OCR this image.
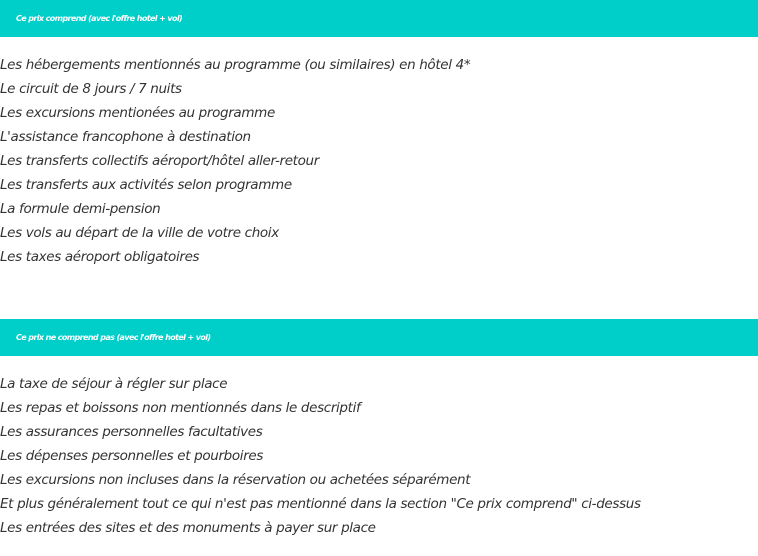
Ce prix comprend (avec l'offre hotel + vol)
Les hébergements mentionnés au programme (ou similaires) en hôtel 4*
Le circuit de 8 jours / 7 nuits
Les excursions mentionées au programme
L'assistance francophone à destination
Les transferts collectifs aéroport/hôtel aller-retour
Les transferts aux activités selon programme
La formule demi-pension
Les vols au départ de la ville de votre choix
Les taxes aéroport obligatoires
Ce prix ne comprend pas (avec l'offre hotel + vol)
La taxe de séjour à régler sur place
Les repas et boissons non mentionnés dans le descriptif
Les assurances personnelles facultatives
Les dépenses personnelles et pourboires
Les excursions non incluses dans la réservation ou achetées séparément
Et plus généralement tout ce qui n'est pas mentionné dans la section "Ce prix comprend" ci-dessus
Les entrées des sites et des monuments à payer sur place
